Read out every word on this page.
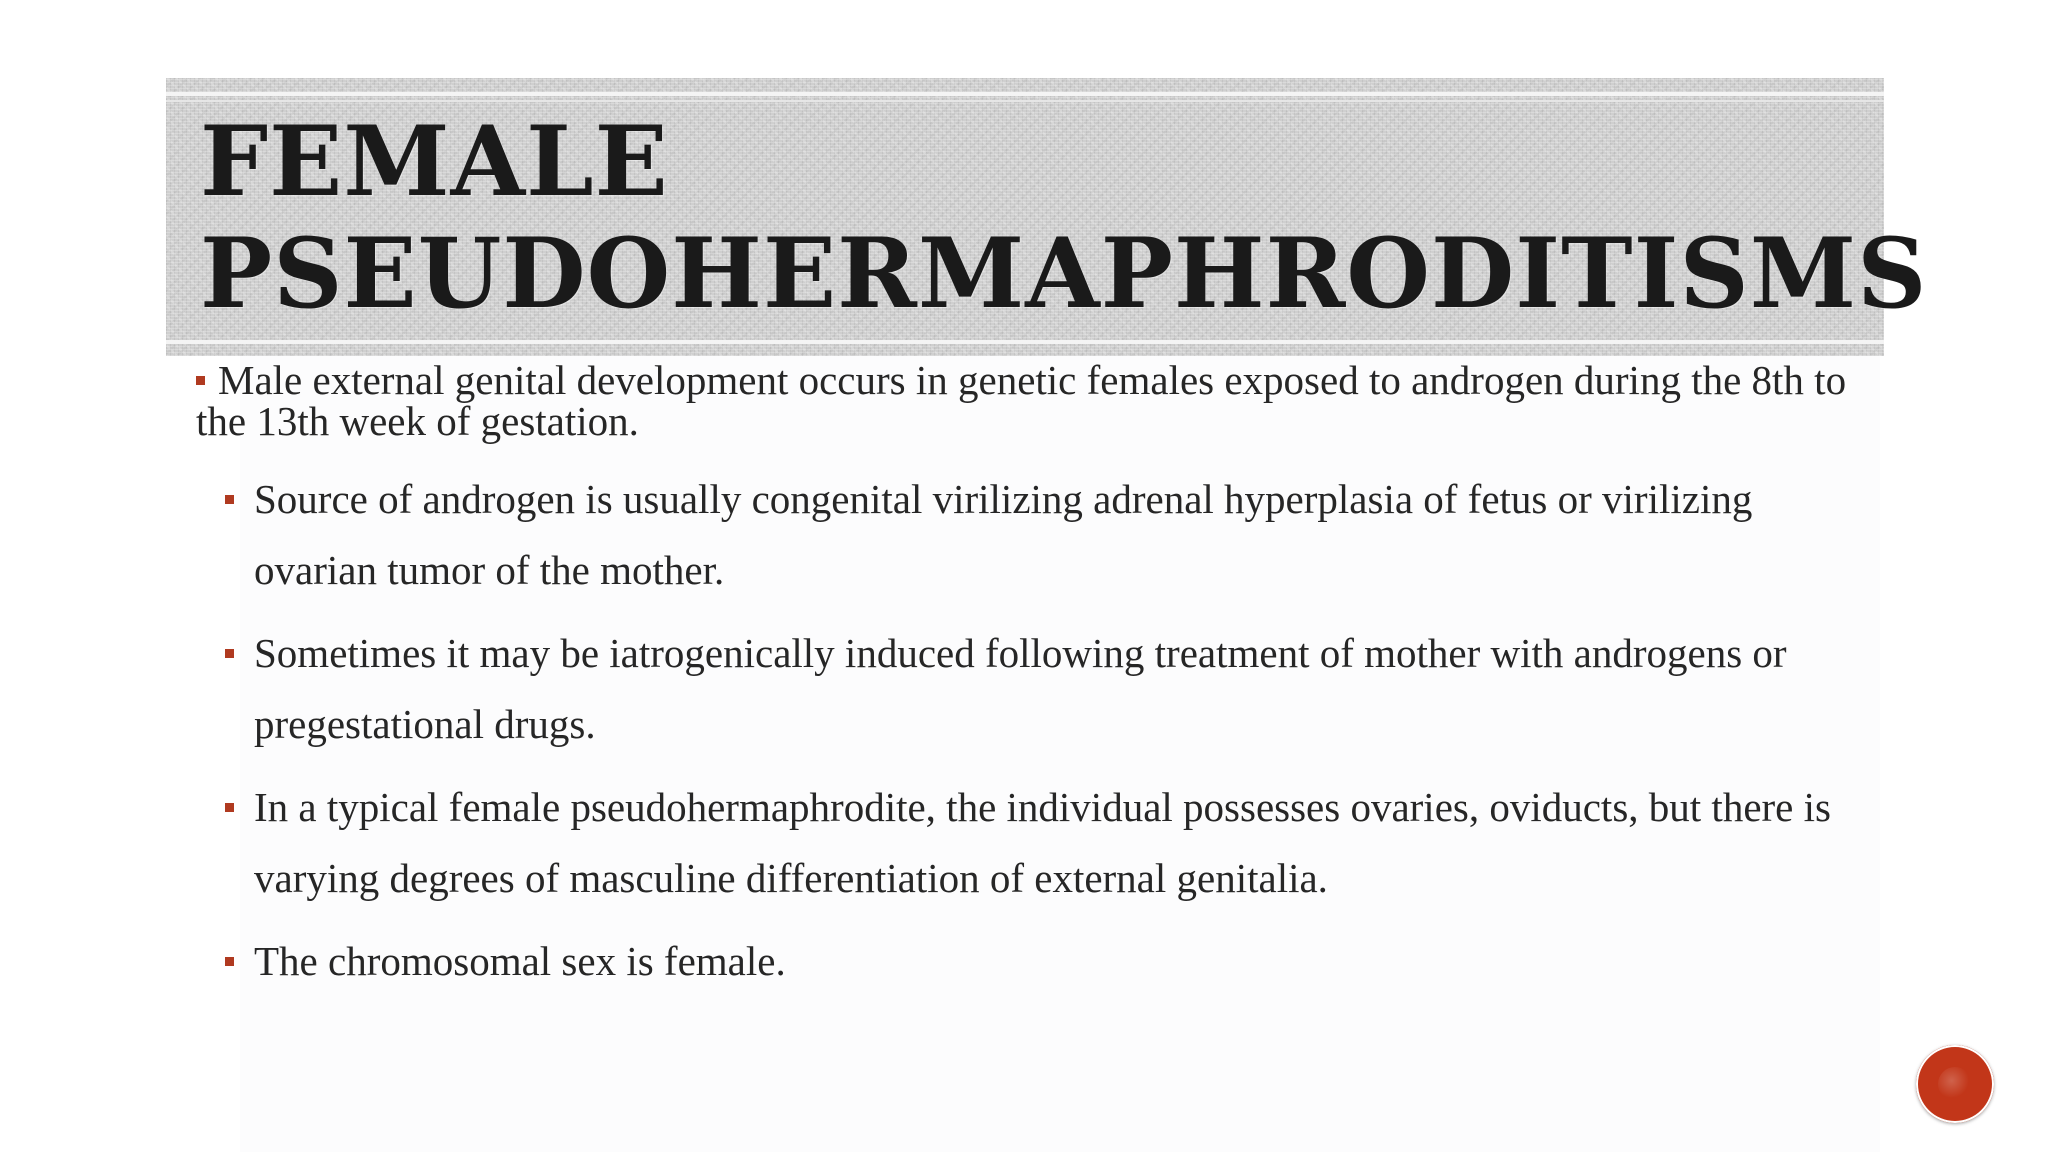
FEMALE
PSEUDOHERMAPHRODITISMS

Male external genital development occurs in genetic females exposed to androgen during the 8th to the 13th week of gestation.

Source of androgen is usually congenital virilizing adrenal hyperplasia of fetus or virilizing ovarian tumor of the mother.
Sometimes it may be iatrogenically induced following treatment of mother with androgens or pregestational drugs.
In a typical female pseudohermaphrodite, the individual possesses ovaries, oviducts, but there is varying degrees of masculine differentiation of external genitalia.
The chromosomal sex is female.
